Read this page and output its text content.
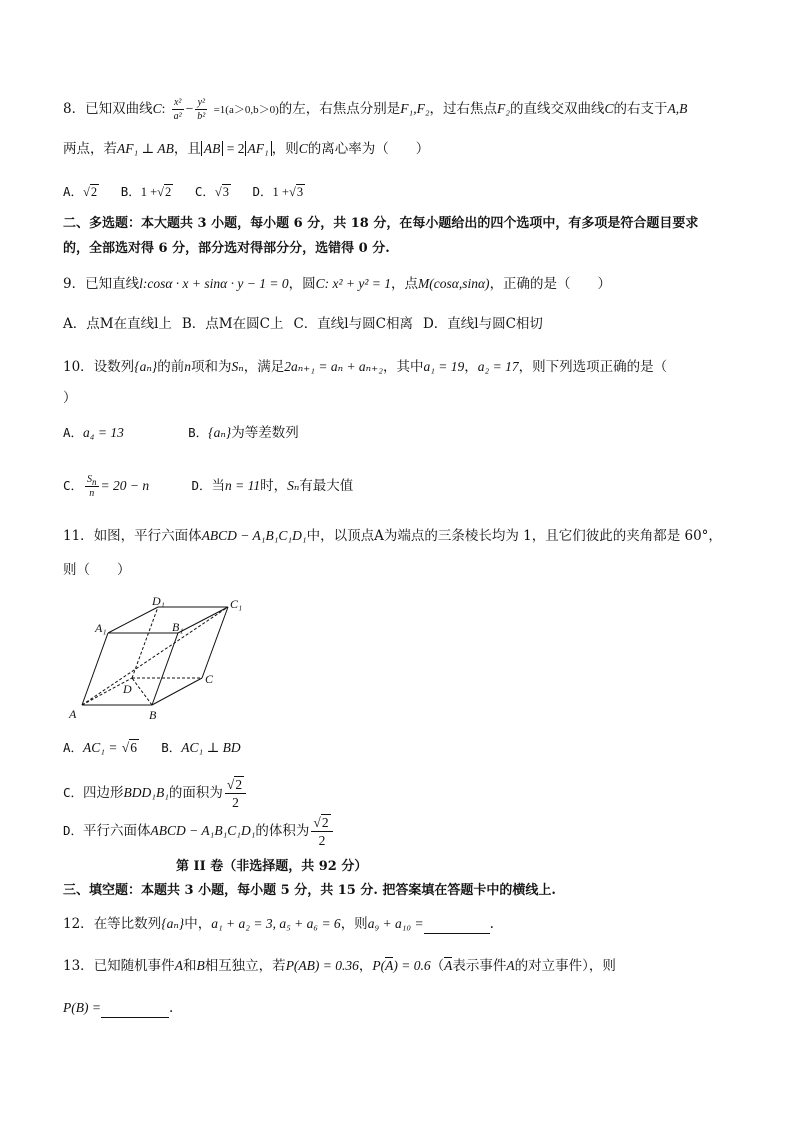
8．已知双曲线C: $\frac{\text{x²}}{\text{a²}} - \frac{\text{y²}}{\text{b²}} =1(a>0,b>0)$的左，右焦点分别是F₁,F₂，过右焦点F₂的直线交双曲线C的右支于A,B
两点，若AF₁ ⊥ AB，且 AB = 2 AF₁ ，则C的离心率为（　　）
A．√2 B．1 +√2 C．√3 D．1 +√3
二、多选题：本大题共 3 小题，每小题 6 分，共 18 分，在每小题给出的四个选项中，有多项是符合题目要求
的，全部选对得 6 分，部分选对得部分分，选错得 0 分.
9．已知直线l:cosα · x + sinα · y − 1 = 0，圆C: x² + y² = 1，点M(cosα,sinα)，正确的是（　　）
A．点M在直线l上 B．点M在圆C上 C．直线l与圆C相离 D．直线l与圆C相切
10．设数列{aₙ}的前n项和为Sₙ，满足2aₙ₊₁ = aₙ + aₙ₊₂，其中a₁ = 19，a₂ = 17，则下列选项正确的是（
）
A．a₄ = 13	B．{aₙ}为等差数列
C． $\frac{S_n}{n} = 20 - n$	D．当n = 11时，Sₙ有最大值
11．如图，平行六面体ABCD − A₁B₁C₁D₁中，以顶点A为端点的三条棱长均为 1，且它们彼此的夹角都是 60°，
则（　　）
A	B
C
D
A₁	B₁
C₁
D₁
A．AC₁ = √6 B．AC₁ ⊥ BD
C．四边形BDD₁B₁的面积为 $\frac{√2}{2}$
D．平行六面体ABCD − A₁B₁C₁D₁的体积为 $\frac{√2}{2}$
第 II 卷（非选择题，共 92 分）
三、填空题：本题共 3 小题，每小题 5 分，共 15 分. 把答案填在答题卡中的横线上.
12．在等比数列{aₙ}中，a₁ + a₂ = 3, a₅ + a₆ = 6，则a₉ + a₁₀ =	.
13．已知随机事件A和B相互独立，若P(AB) = 0.36，P(A) = 0.6（A表示事件A的对立事件），则
P(B) =	.
